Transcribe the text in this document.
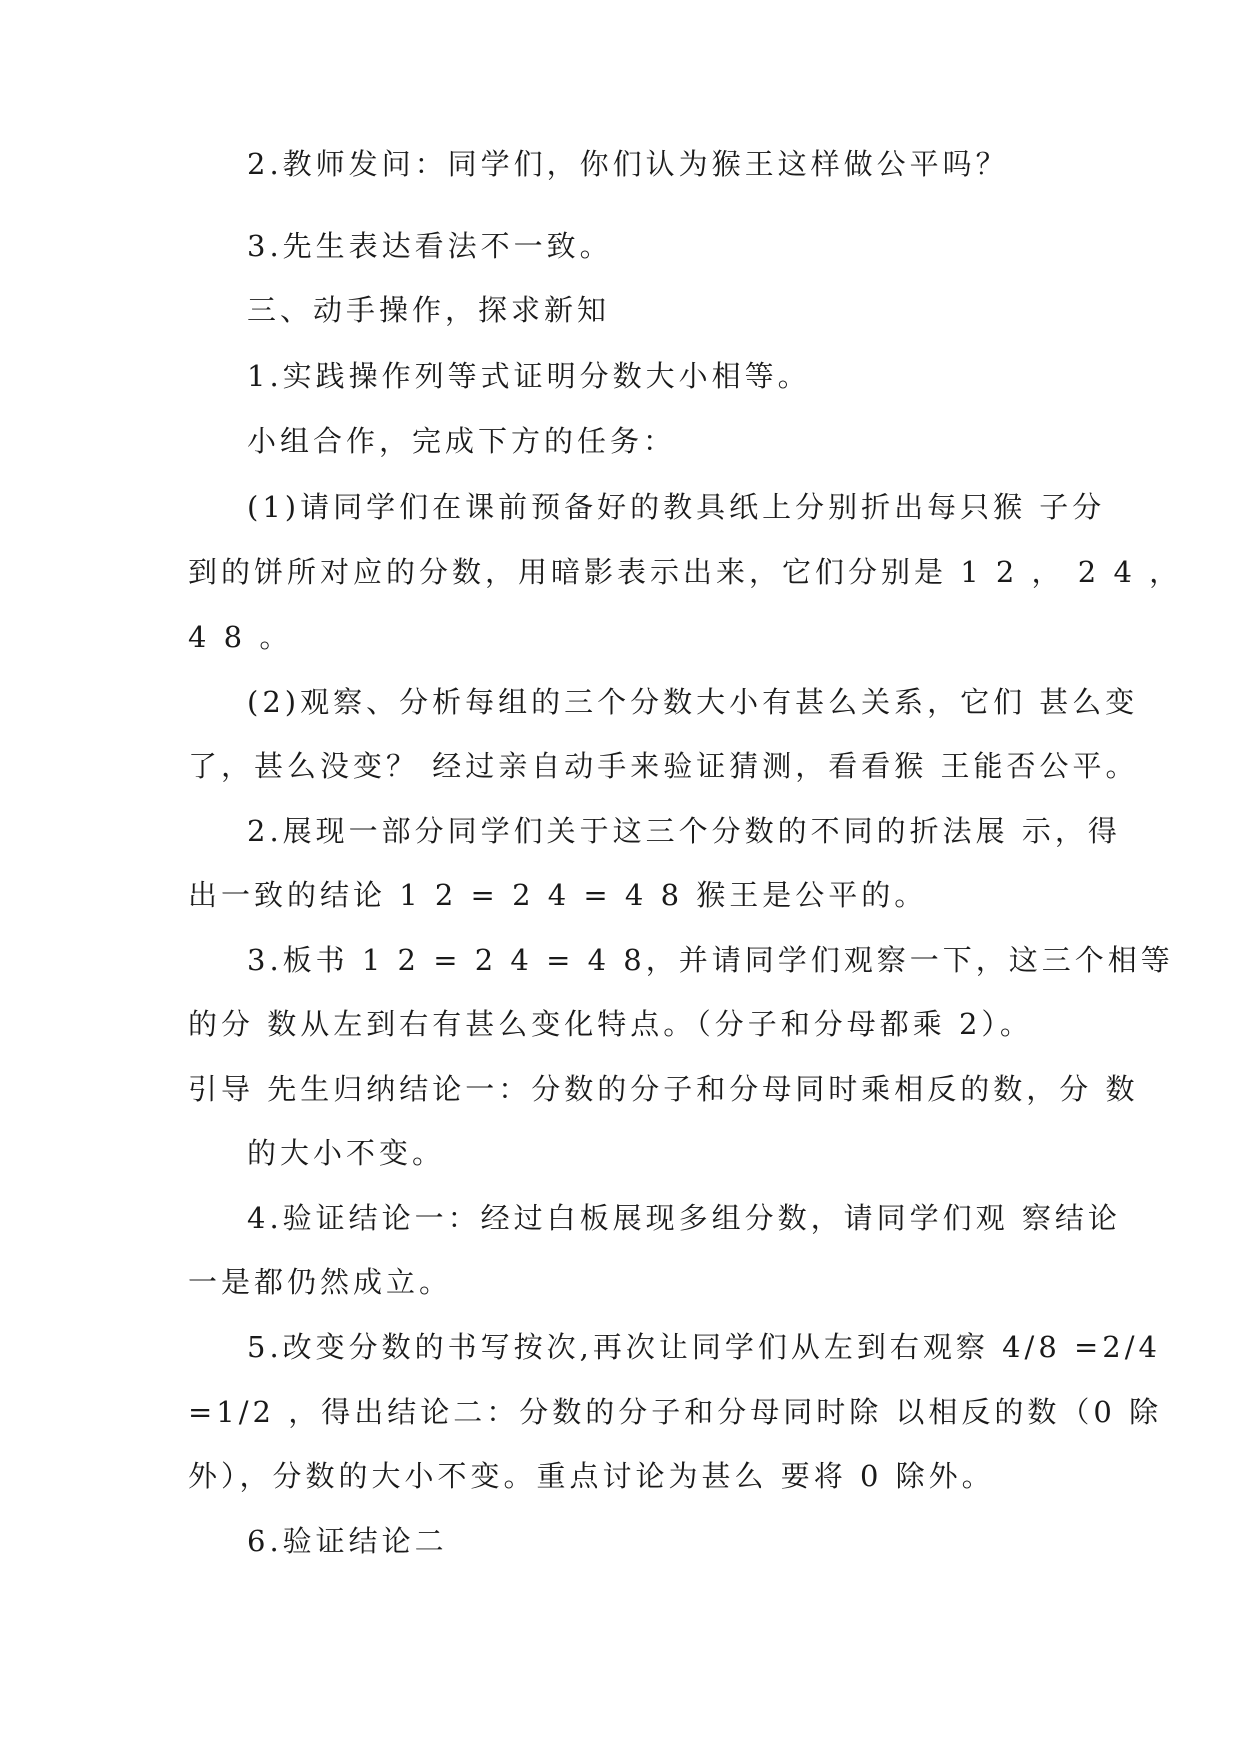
2.教师发问：同学们，你们认为猴王这样做公平吗？
3.先生表达看法不一致。
三、动手操作，探求新知
1.实践操作列等式证明分数大小相等。
小组合作，完成下方的任务：
(1)请同学们在课前预备好的教具纸上分别折出每只猴 子分
到的饼所对应的分数，用暗影表示出来，它们分别是 1 2 ， 2 4 ，
4 8 。
(2)观察、分析每组的三个分数大小有甚么关系，它们 甚么变
了，甚么没变？ 经过亲自动手来验证猜测，看看猴 王能否公平。
2.展现一部分同学们关于这三个分数的不同的折法展 示，得
出一致的结论 1 2 = 2 4 = 4 8 猴王是公平的。
3.板书 1 2 = 2 4 = 4 8，并请同学们观察一下，这三个相等
的分 数从左到右有甚么变化特点。（分子和分母都乘 2）。
引导 先生归纳结论一：分数的分子和分母同时乘相反的数，分 数
的大小不变。
4.验证结论一：经过白板展现多组分数，请同学们观 察结论
一是都仍然成立。
5.改变分数的书写按次,再次让同学们从左到右观察 4/8 =2/4
=1/2 ，得出结论二：分数的分子和分母同时除 以相反的数（0 除
外），分数的大小不变。重点讨论为甚么 要将 0 除外。
6.验证结论二
